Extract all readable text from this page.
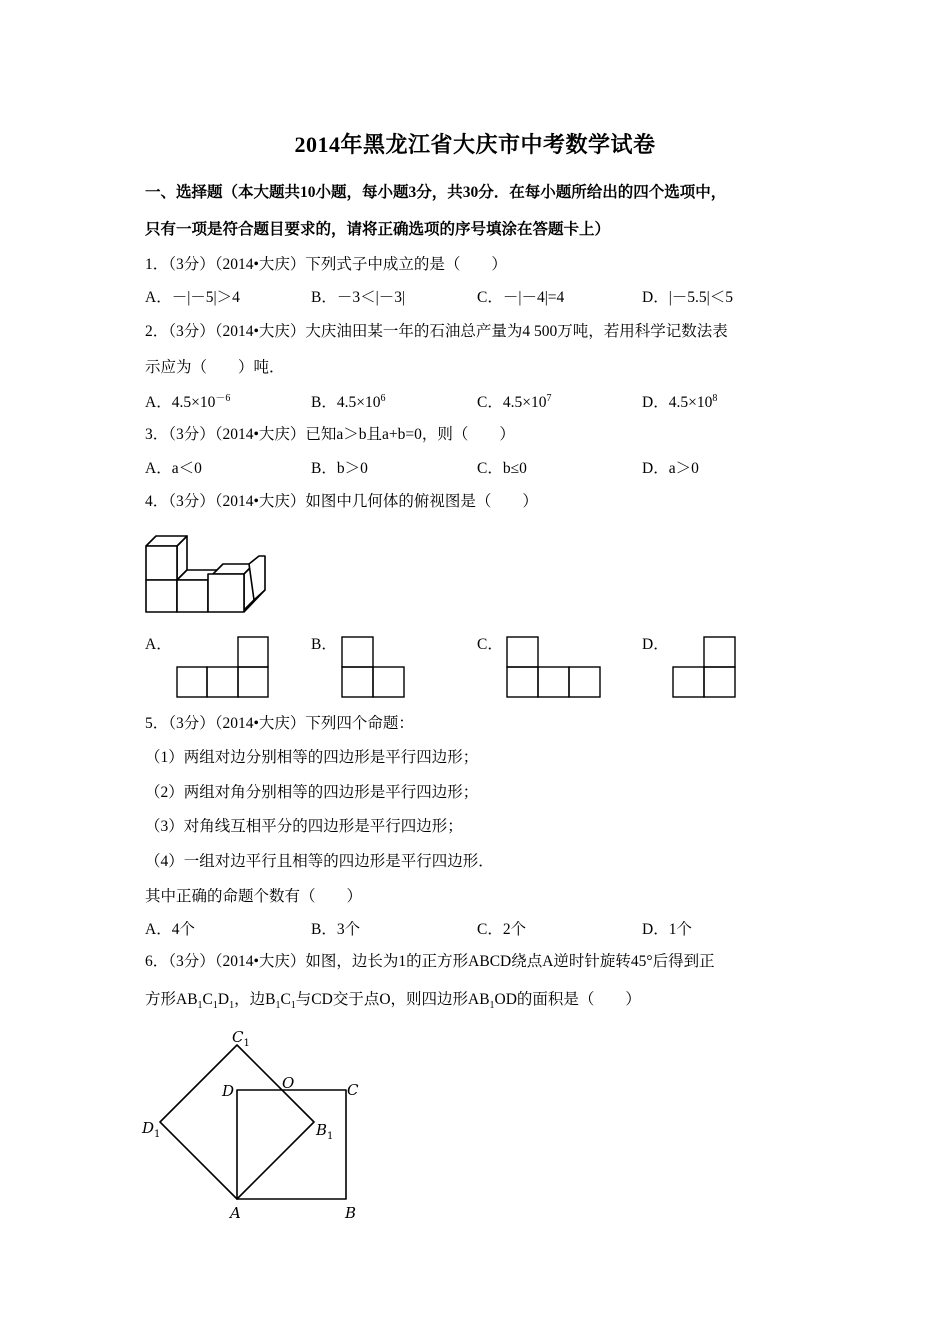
2014年黑龙江省大庆市中考数学试卷
一、选择题（本大题共10小题，每小题3分，共30分．在每小题所给出的四个选项中，
只有一项是符合题目要求的，请将正确选项的序号填涂在答题卡上）
1．（3分）（2014•大庆）下列式子中成立的是（　　）
A．－|－5|＞4	B．－3＜|－3|	C．－|－4|=4	D．|－5.5|＜5
2．（3分）（2014•大庆）大庆油田某一年的石油总产量为4 500万吨，若用科学记数法表
示应为（　　）吨．
A．$4.5\times 10^{-6}$	B．$4.5\times 10^6$	C．$4.5\times 10^7$	D．$4.5\times 10^8$
3．（3分）（2014•大庆）已知a＞b且a+b=0，则（　　）
A．a＜0	B．b＞0	C．b≤0	D．a＞0
4．（3分）（2014•大庆）如图中几何体的俯视图是（　　）
A．	B．	C．	D．
5．（3分）（2014•大庆）下列四个命题：
（1）两组对边分别相等的四边形是平行四边形；
（2）两组对角分别相等的四边形是平行四边形；
（3）对角线互相平分的四边形是平行四边形；
（4）一组对边平行且相等的四边形是平行四边形．
其中正确的命题个数有（　　）
A．4个	B．3个	C．2个	D．1个
6．（3分）（2014•大庆）如图，边长为1的正方形ABCD绕点A逆时针旋转45°后得到正
方形$AB_1C_1D_1$，边$B_1C_1$与CD交于点O，则四边形$AB_1OD$的面积是（　　）
A	B
C
D	O
$C_1$
$B_1$
$D_1$
